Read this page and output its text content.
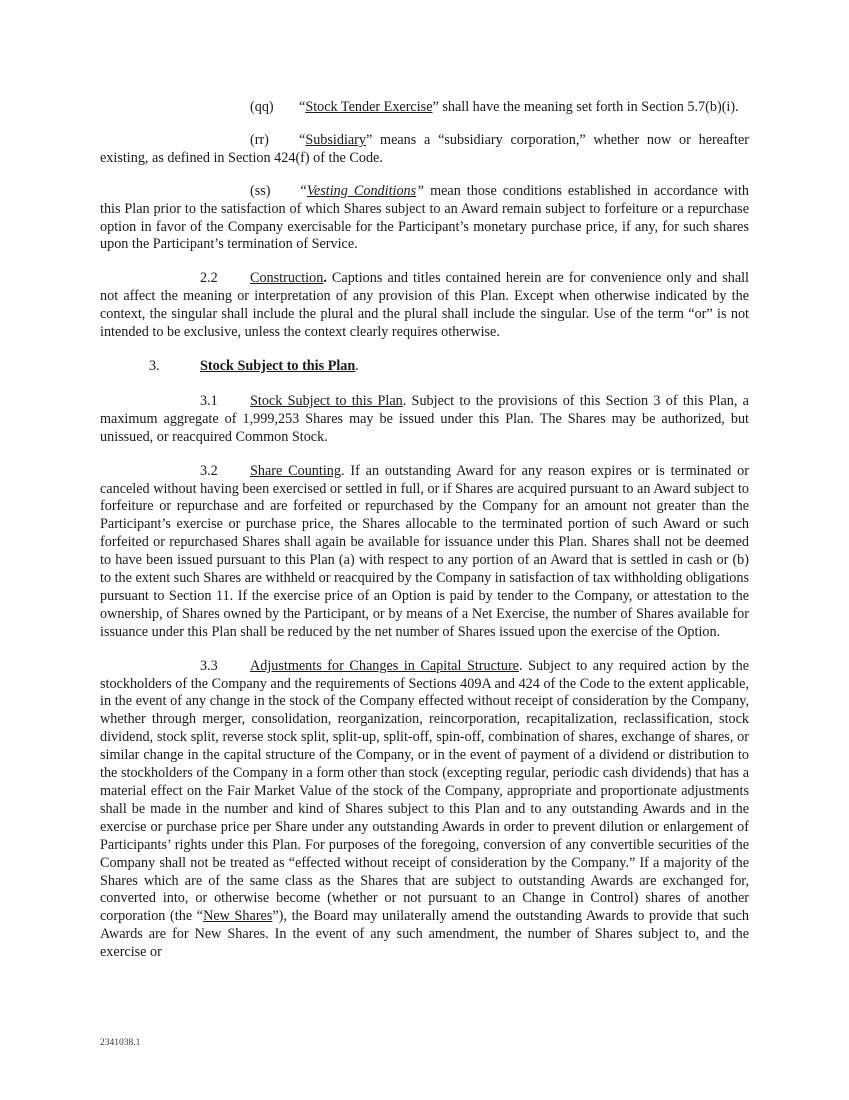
(qq) “Stock Tender Exercise” shall have the meaning set forth in Section 5.7(b)(i).

(rr) “Subsidiary” means a “subsidiary corporation,” whether now or hereafter existing, as defined in Section 424(f) of the Code.

(ss) “Vesting Conditions” mean those conditions established in accordance with this Plan prior to the satisfaction of which Shares subject to an Award remain subject to forfeiture or a repurchase option in favor of the Company exercisable for the Participant’s monetary purchase price, if any, for such shares upon the Participant’s termination of Service.

2.2 Construction. Captions and titles contained herein are for convenience only and shall not affect the meaning or interpretation of any provision of this Plan. Except when otherwise indicated by the context, the singular shall include the plural and the plural shall include the singular. Use of the term “or” is not intended to be exclusive, unless the context clearly requires otherwise.

3.	Stock Subject to this Plan.

3.1 Stock Subject to this Plan. Subject to the provisions of this Section 3 of this Plan, a maximum aggregate of 1,999,253 Shares may be issued under this Plan. The Shares may be authorized, but unissued, or reacquired Common Stock.

3.2 Share Counting. If an outstanding Award for any reason expires or is terminated or canceled without having been exercised or settled in full, or if Shares are acquired pursuant to an Award subject to forfeiture or repurchase and are forfeited or repurchased by the Company for an amount not greater than the Participant’s exercise or purchase price, the Shares allocable to the terminated portion of such Award or such forfeited or repurchased Shares shall again be available for issuance under this Plan. Shares shall not be deemed to have been issued pursuant to this Plan (a) with respect to any portion of an Award that is settled in cash or (b) to the extent such Shares are withheld or reacquired by the Company in satisfaction of tax withholding obligations pursuant to Section 11. If the exercise price of an Option is paid by tender to the Company, or attestation to the ownership, of Shares owned by the Participant, or by means of a Net Exercise, the number of Shares available for issuance under this Plan shall be reduced by the net number of Shares issued upon the exercise of the Option.

3.3 Adjustments for Changes in Capital Structure. Subject to any required action by the stockholders of the Company and the requirements of Sections 409A and 424 of the Code to the extent applicable, in the event of any change in the stock of the Company effected without receipt of consideration by the Company, whether through merger, consolidation, reorganization, reincorporation, recapitalization, reclassification, stock dividend, stock split, reverse stock split, split-up, split-off, spin-off, combination of shares, exchange of shares, or similar change in the capital structure of the Company, or in the event of payment of a dividend or distribution to the stockholders of the Company in a form other than stock (excepting regular, periodic cash dividends) that has a material effect on the Fair Market Value of the stock of the Company, appropriate and proportionate adjustments shall be made in the number and kind of Shares subject to this Plan and to any outstanding Awards and in the exercise or purchase price per Share under any outstanding Awards in order to prevent dilution or enlargement of Participants’ rights under this Plan. For purposes of the foregoing, conversion of any convertible securities of the Company shall not be treated as “effected without receipt of consideration by the Company.” If a majority of the Shares which are of the same class as the Shares that are subject to outstanding Awards are exchanged for, converted into, or otherwise become (whether or not pursuant to an Change in Control) shares of another corporation (the “New Shares”), the Board may unilaterally amend the outstanding Awards to provide that such Awards are for New Shares. In the event of any such amendment, the number of Shares subject to, and the exercise or

2341038.1
